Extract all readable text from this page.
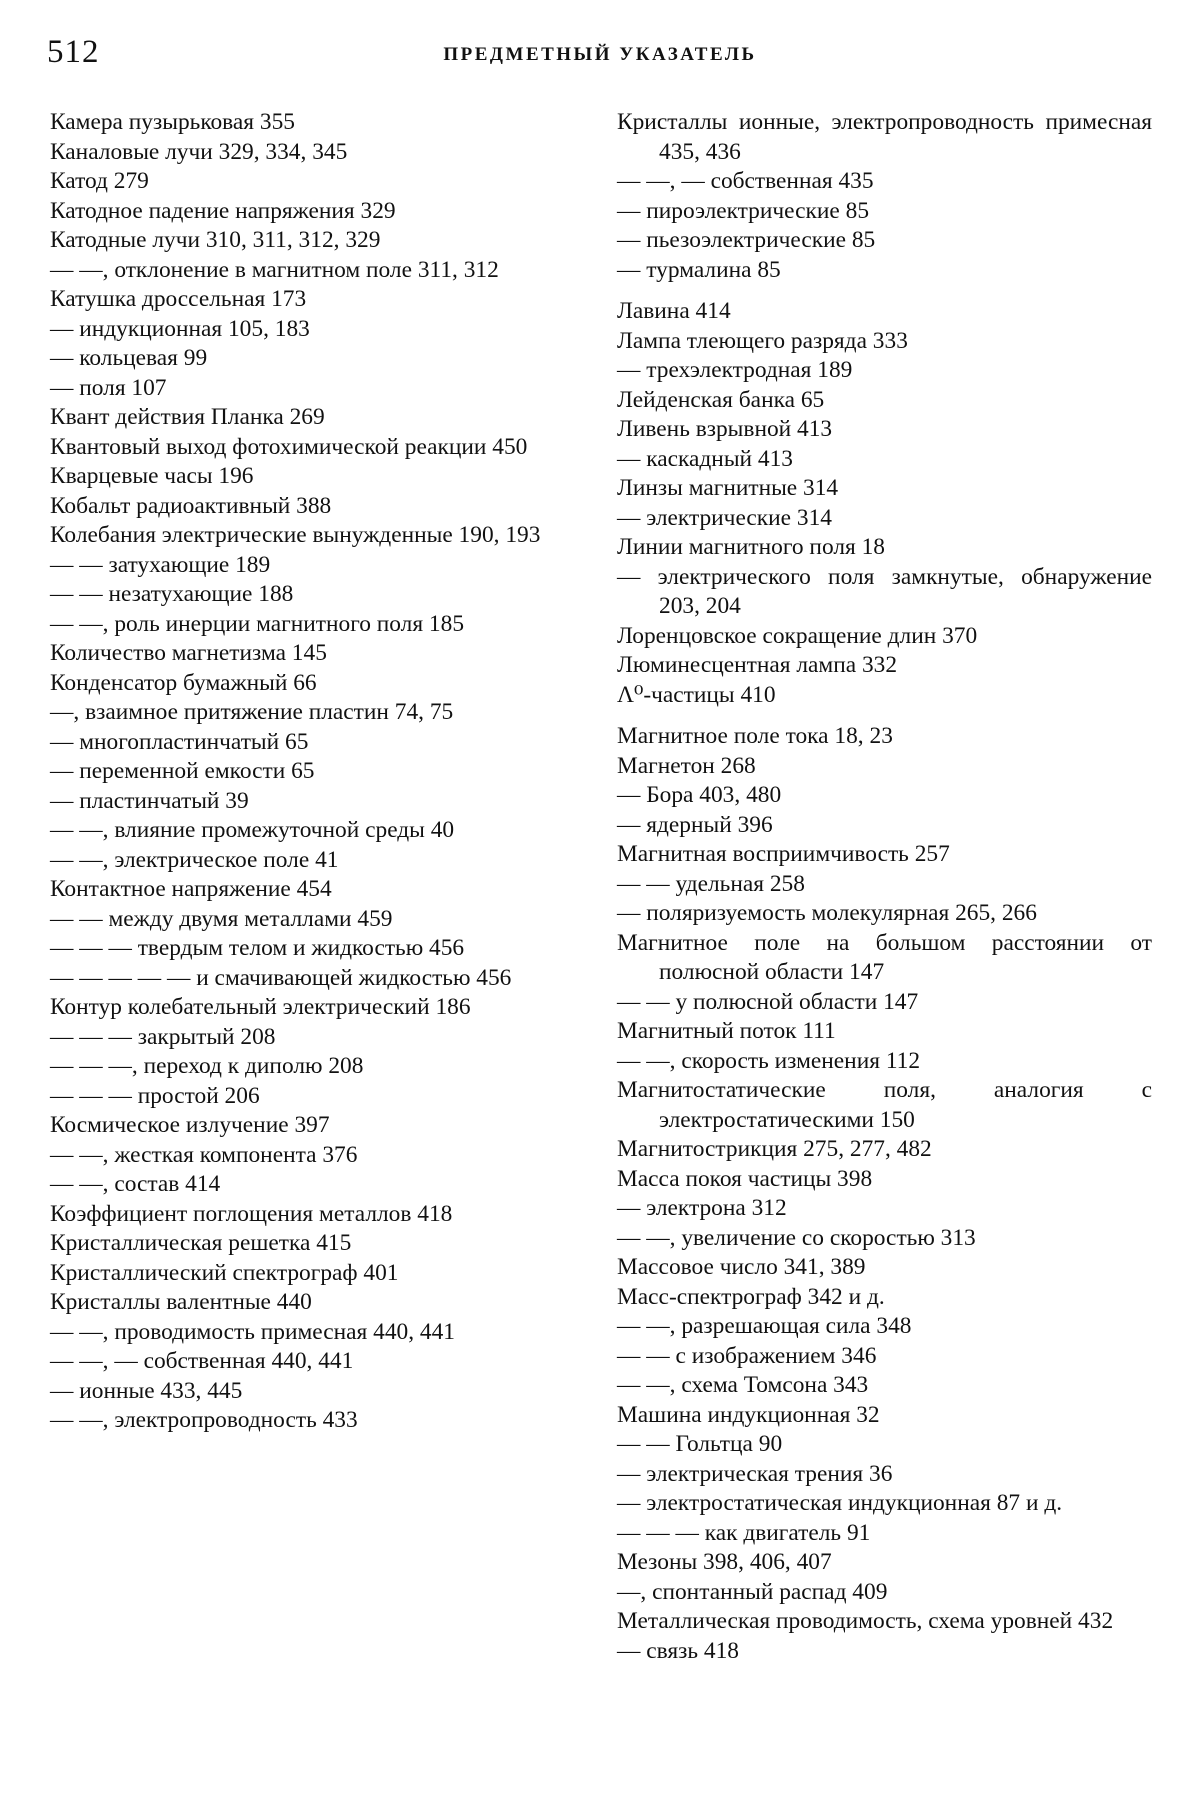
512	ПРЕДМЕТНЫЙ УКАЗАТЕЛЬ

Камера пузырьковая 355

Каналовые лучи 329, 334, 345

Катод 279

Катодное падение напряжения 329

Катодные лучи 310, 311, 312, 329

— —, отклонение в магнитном поле 311, 312

Катушка дроссельная 173

— индукционная 105, 183

— кольцевая 99

— поля 107

Квант действия Планка 269

Квантовый выход фотохимической реакции 450

Кварцевые часы 196

Кобальт радиоактивный 388

Колебания электрические вынужденные 190, 193

— — затухающие 189

— — незатухающие 188

— —, роль инерции магнитного поля 185

Количество магнетизма 145

Конденсатор бумажный 66

—, взаимное притяжение пластин 74, 75

— многопластинчатый 65

— переменной емкости 65

— пластинчатый 39

— —, влияние промежуточной среды 40

— —, электрическое поле 41

Контактное напряжение 454

— — между двумя металлами 459

— — — твердым телом и жидкостью 456

— — — — — и смачивающей жидкостью 456

Контур колебательный электрический 186

— — — закрытый 208

— — —, переход к диполю 208

— — — простой 206

Космическое излучение 397

— —, жесткая компонента 376

— —, состав 414

Коэффициент поглощения металлов 418

Кристаллическая решетка 415

Кристаллический спектрограф 401

Кристаллы валентные 440

— —, проводимость примесная 440, 441

— —, — собственная 440, 441

— ионные 433, 445

— —, электропроводность 433

Кристаллы ионные, электропроводность примесная 435, 436

— —, — собственная 435

— пироэлектрические 85

— пьезоэлектрические 85

— турмалина 85

Лавина 414

Лампа тлеющего разряда 333

— трехэлектродная 189

Лейденская банка 65

Ливень взрывной 413

— каскадный 413

Линзы магнитные 314

— электрические 314

Линии магнитного поля 18

— электрического поля замкнутые, обнаружение 203, 204

Лоренцовское сокращение длин 370

Люминесцентная лампа 332

Λ⁰-частицы 410

Магнитное поле тока 18, 23

Магнетон 268

— Бора 403, 480

— ядерный 396

Магнитная восприимчивость 257

— — удельная 258

— поляризуемость молекулярная 265, 266

Магнитное поле на большом расстоянии от полюсной области 147

— — у полюсной области 147

Магнитный поток 111

— —, скорость изменения 112

Магнитостатические поля, аналогия с электростатическими 150

Магнитострикция 275, 277, 482

Масса покоя частицы 398

— электрона 312

— —, увеличение со скоростью 313

Массовое число 341, 389

Масс-спектрограф 342 и д.

— —, разрешающая сила 348

— — с изображением 346

— —, схема Томсона 343

Машина индукционная 32

— — Гольтца 90

— электрическая трения 36

— электростатическая индукционная 87 и д.

— — — как двигатель 91

Мезоны 398, 406, 407

—, спонтанный распад 409

Металлическая проводимость, схема уровней 432

— связь 418
